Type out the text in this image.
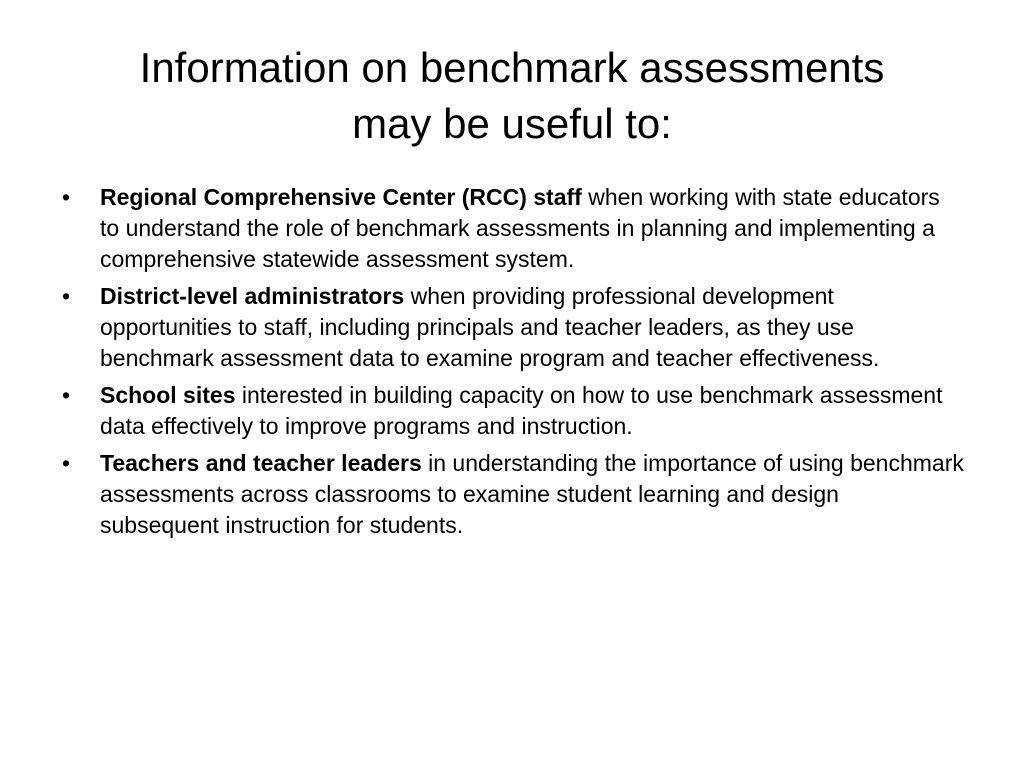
Information on benchmark assessments
may be useful to:
• Regional Comprehensive Center (RCC) staff when working with state educators to understand the role of benchmark assessments in planning and implementing a comprehensive statewide assessment system.
• District-level administrators when providing professional development opportunities to staff, including principals and teacher leaders, as they use benchmark assessment data to examine program and teacher effectiveness.
• School sites interested in building capacity on how to use benchmark assessment data effectively to improve programs and instruction.
• Teachers and teacher leaders in understanding the importance of using benchmark assessments across classrooms to examine student learning and design subsequent instruction for students.
